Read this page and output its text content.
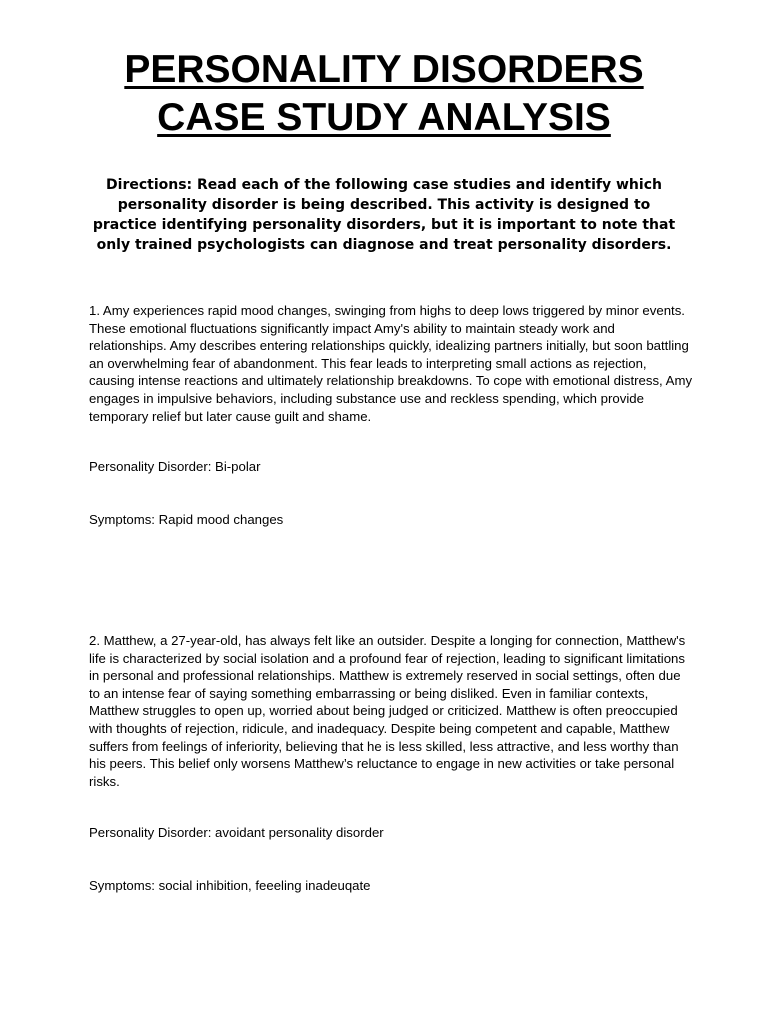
PERSONALITY DISORDERS
CASE STUDY ANALYSIS

Directions: Read each of the following case studies and identify which personality disorder is being described. This activity is designed to practice identifying personality disorders, but it is important to note that only trained psychologists can diagnose and treat personality disorders.

1. Amy experiences rapid mood changes, swinging from highs to deep lows triggered by minor events. These emotional fluctuations significantly impact Amy's ability to maintain steady work and relationships. Amy describes entering relationships quickly, idealizing partners initially, but soon battling an overwhelming fear of abandonment. This fear leads to interpreting small actions as rejection, causing intense reactions and ultimately relationship breakdowns. To cope with emotional distress, Amy engages in impulsive behaviors, including substance use and reckless spending, which provide temporary relief but later cause guilt and shame.

Personality Disorder: Bi-polar

Symptoms: Rapid mood changes

2. Matthew, a 27-year-old, has always felt like an outsider. Despite a longing for connection, Matthew's life is characterized by social isolation and a profound fear of rejection, leading to significant limitations in personal and professional relationships. Matthew is extremely reserved in social settings, often due to an intense fear of saying something embarrassing or being disliked. Even in familiar contexts, Matthew struggles to open up, worried about being judged or criticized. Matthew is often preoccupied with thoughts of rejection, ridicule, and inadequacy. Despite being competent and capable, Matthew suffers from feelings of inferiority, believing that he is less skilled, less attractive, and less worthy than his peers. This belief only worsens Matthew’s reluctance to engage in new activities or take personal risks.

Personality Disorder: avoidant personality disorder

Symptoms: social inhibition, feeeling inadeuqate
